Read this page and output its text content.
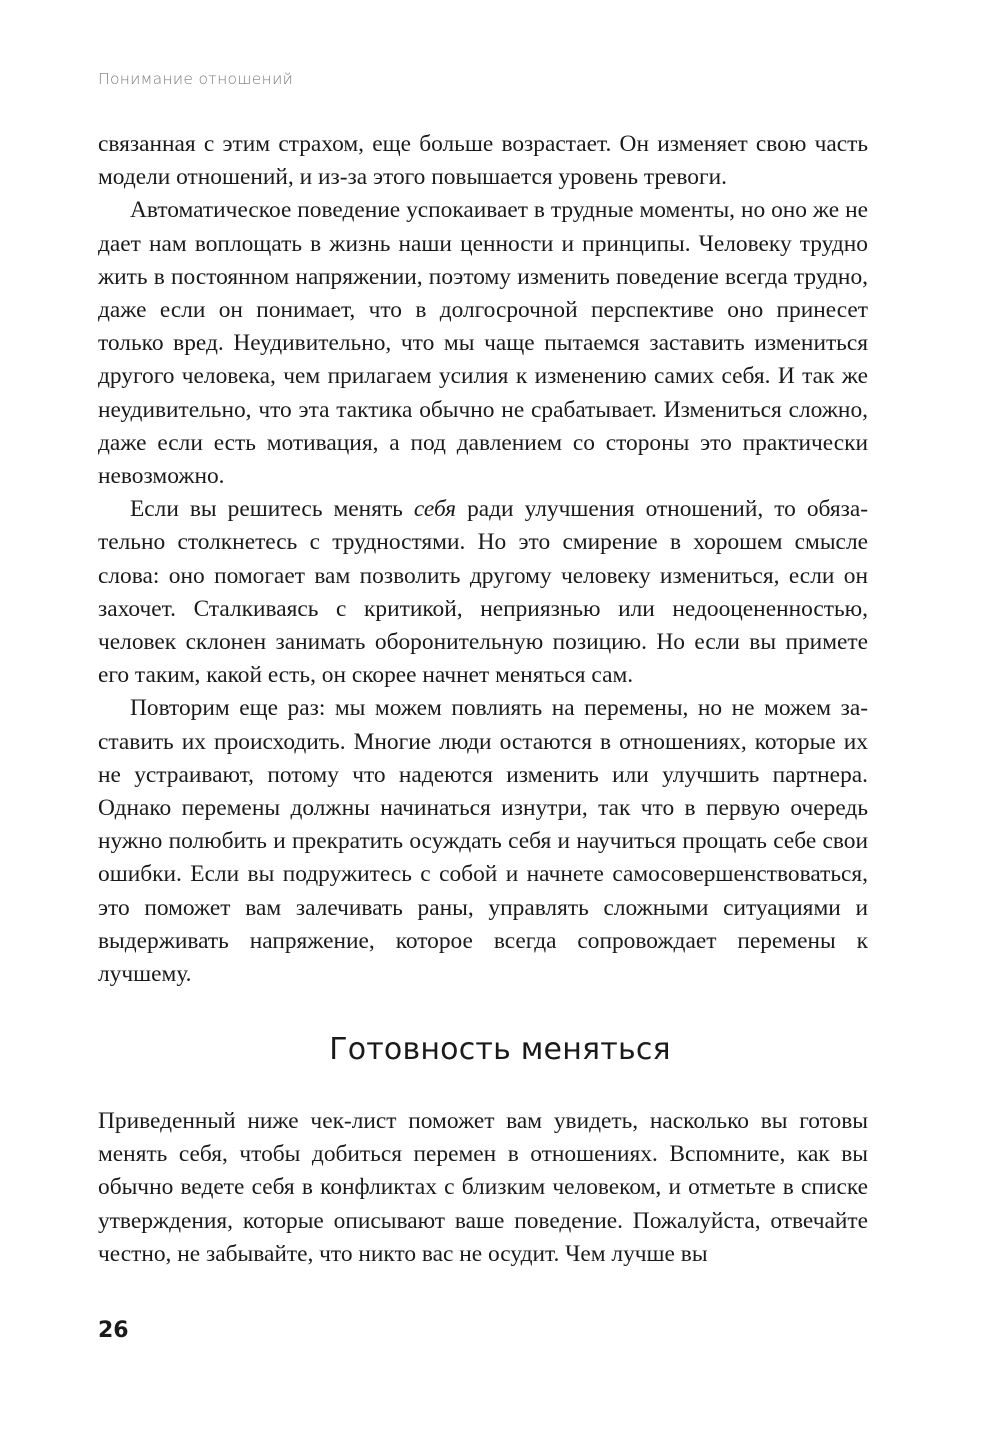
Понимание отношений

связанная с этим страхом, еще больше возрастает. Он изменяет свою часть модели отношений, и из-за этого повышается уровень тревоги.

Автоматическое поведение успокаивает в трудные моменты, но оно же не дает нам воплощать в жизнь наши ценности и принципы. Человеку трудно жить в постоянном напряжении, поэтому изменить поведение всегда трудно, даже если он понимает, что в долгосрочной перспективе оно принесет только вред. Неудивительно, что мы чаще пытаемся заставить измениться другого человека, чем прилагаем усилия к изменению самих себя. И так же неудивительно, что эта тактика обычно не срабатывает. Измениться сложно, даже если есть мотивация, а под давлением со стороны это практически невозможно.

Если вы решитесь менять себя ради улучшения отношений, то обязательно столкнетесь с трудностями. Но это смирение в хорошем смысле слова: оно помогает вам позволить другому человеку измениться, если он захочет. Сталкиваясь с критикой, неприязнью или недооцененностью, человек склонен занимать оборонительную позицию. Но если вы примете его таким, какой есть, он скорее начнет меняться сам.

Повторим еще раз: мы можем повлиять на перемены, но не можем заставить их происходить. Многие люди остаются в отношениях, которые их не устраивают, потому что надеются изменить или улучшить партнера. Однако перемены должны начинаться изнутри, так что в первую очередь нужно полюбить и прекратить осуждать себя и научиться прощать себе свои ошибки. Если вы подружитесь с собой и начнете самосовершенствоваться, это поможет вам залечивать раны, управлять сложными ситуациями и выдерживать напряжение, которое всегда сопровождает перемены к лучшему.

Готовность меняться

Приведенный ниже чек-лист поможет вам увидеть, насколько вы готовы менять себя, чтобы добиться перемен в отношениях. Вспомните, как вы обычно ведете себя в конфликтах с близким человеком, и отметьте в списке утверждения, которые описывают ваше поведение. Пожалуйста, отвечайте честно, не забывайте, что никто вас не осудит. Чем лучше вы

26
